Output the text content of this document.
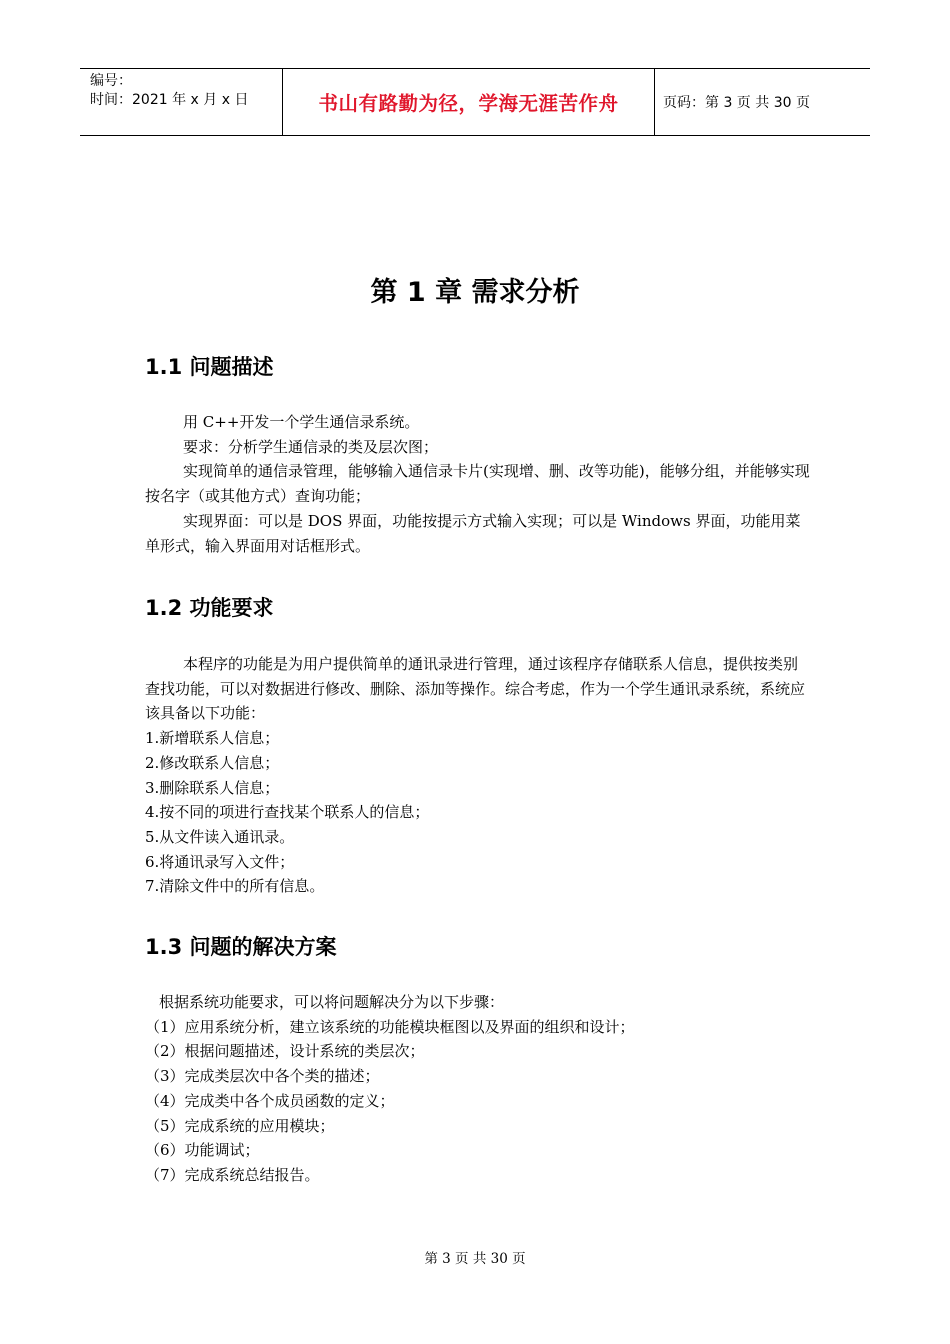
编号：
时间：2021 年 x 月 x 日	书山有路勤为径，学海无涯苦作舟	页码：第 3 页 共 30 页
第 1 章 需求分析
1.1 问题描述

用 C++开发一个学生通信录系统。

要求：分析学生通信录的类及层次图；

实现简单的通信录管理，能够输入通信录卡片(实现增、删、改等功能)，能够分组，并能够实现按名字（或其他方式）查询功能；

实现界面：可以是 DOS 界面，功能按提示方式输入实现；可以是 Windows 界面，功能用菜单形式，输入界面用对话框形式。

1.2 功能要求

本程序的功能是为用户提供简单的通讯录进行管理，通过该程序存储联系人信息，提供按类别查找功能，可以对数据进行修改、删除、添加等操作。综合考虑，作为一个学生通讯录系统，系统应该具备以下功能：

1.新增联系人信息；

2.修改联系人信息；

3.删除联系人信息；

4.按不同的项进行查找某个联系人的信息；

5.从文件读入通讯录。

6.将通讯录写入文件；

7.清除文件中的所有信息。

1.3 问题的解决方案

根据系统功能要求，可以将问题解决分为以下步骤：

（1）应用系统分析，建立该系统的功能模块框图以及界面的组织和设计；

（2）根据问题描述，设计系统的类层次；

（3）完成类层次中各个类的描述；

（4）完成类中各个成员函数的定义；

（5）完成系统的应用模块；

（6）功能调试；

（7）完成系统总结报告。

第 3 页 共 30 页
